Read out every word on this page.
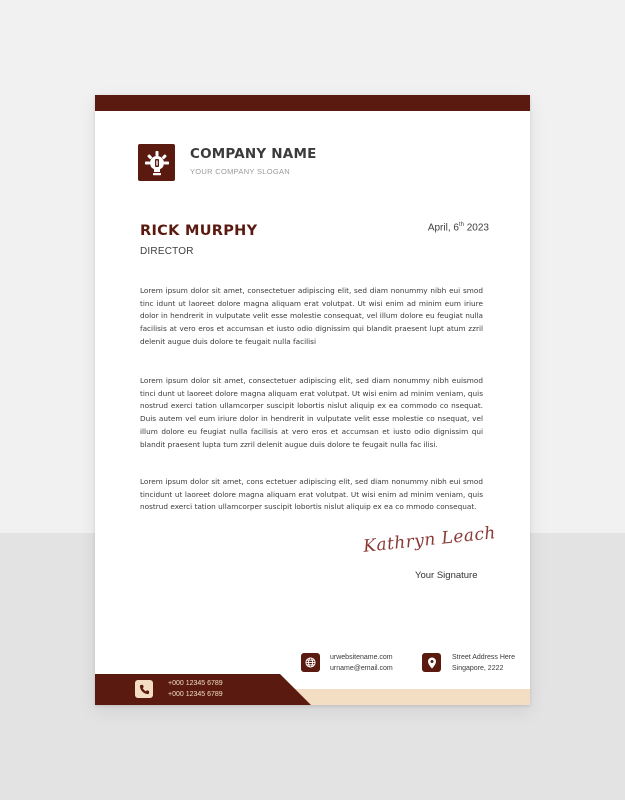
COMPANY NAME
YOUR COMPANY SLOGAN
RICK MURPHY
DIRECTOR
April, 6th 2023

Lorem ipsum dolor sit amet, consectetuer adipiscing elit, sed diam nonummy nibh eui smod tinc idunt ut laoreet dolore magna aliquam erat volutpat. Ut wisi enim ad minim eum iriure dolor in hendrerit in vulputate velit esse molestie consequat, vel illum dolore eu feugiat nulla facilisis at vero eros et accumsan et iusto odio dignissim qui blandit praesent lupt atum zzril delenit augue duis dolore te feugait nulla facilisi

Lorem ipsum dolor sit amet, consectetuer adipiscing elit, sed diam nonummy nibh euismod tinci dunt ut laoreet dolore magna aliquam erat volutpat. Ut wisi enim ad minim veniam, quis nostrud exerci tation ullamcorper suscipit lobortis nislut aliquip ex ea commodo co nsequat. Duis autem vel eum iriure dolor in hendrerit in vulputate velit esse molestie co nsequat, vel illum dolore eu feugiat nulla facilisis at vero eros et accumsan et iusto odio dignissim qui blandit praesent lupta tum zzril delenit augue duis dolore te feugait nulla fac ilisi.

Lorem ipsum dolor sit amet, cons ectetuer adipiscing elit, sed diam nonummy nibh eui smod tincidunt ut laoreet dolore magna aliquam erat volutpat. Ut wisi enim ad minim veniam, quis nostrud exerci tation ullamcorper suscipit lobortis nislut aliquip ex ea co mmodo consequat.

Kathryn Leach
Your Signature
urwebsitename.com
urname@email.com
Street Address Here
Singapore, 2222
+000 12345 6789
+000 12345 6789
